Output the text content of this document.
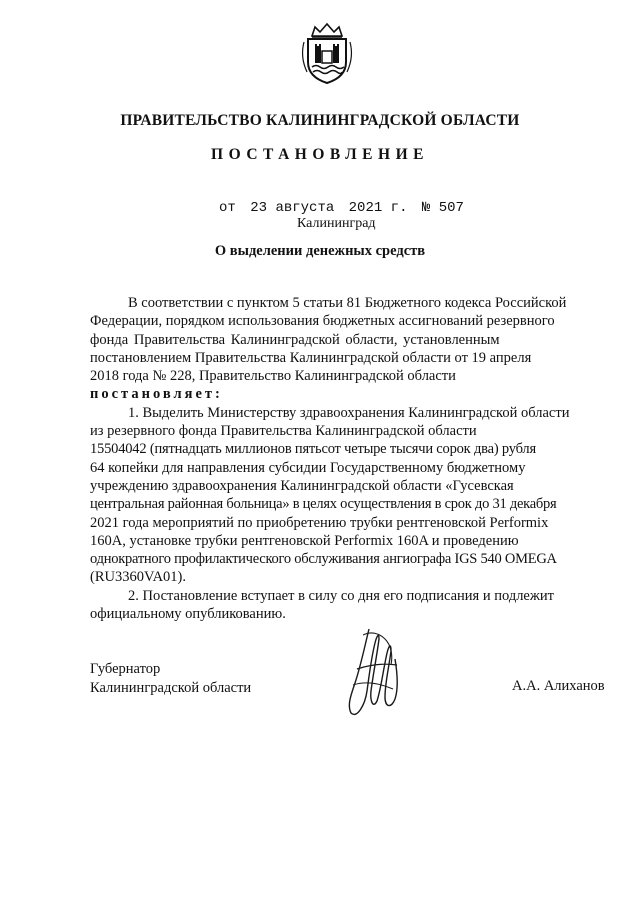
ПРАВИТЕЛЬСТВО КАЛИНИНГРАДСКОЙ ОБЛАСТИ
ПОСТАНОВЛЕНИЕ
от 23 августа 2021 г. № 507
Калининград
О выделении денежных средств

В соответствии с пунктом 5 статьи 81 Бюджетного кодекса Российской

Федерации, порядком использования бюджетных ассигнований резервного

фонда Правительства Калининградской области, установленным

постановлением Правительства Калининградской области от 19 апреля

2018 года № 228, Правительство Калининградской области

постановляет:

1. Выделить Министерству здравоохранения Калининградской области

из резервного фонда Правительства Калининградской области

15504042 (пятнадцать миллионов пятьсот четыре тысячи сорок два) рубля

64 копейки для направления субсидии Государственному бюджетному

учреждению здравоохранения Калининградской области «Гусевская

центральная районная больница» в целях осуществления в срок до 31 декабря

2021 года мероприятий по приобретению трубки рентгеновской Performix

160А, установке трубки рентгеновской Performix 160A и проведению

однократного профилактического обслуживания ангиографа IGS 540 OMEGA

(RU3360VA01).

2. Постановление вступает в силу со дня его подписания и подлежит

официальному опубликованию.

Губернатор
Калининградской области	А.А. Алиханов
